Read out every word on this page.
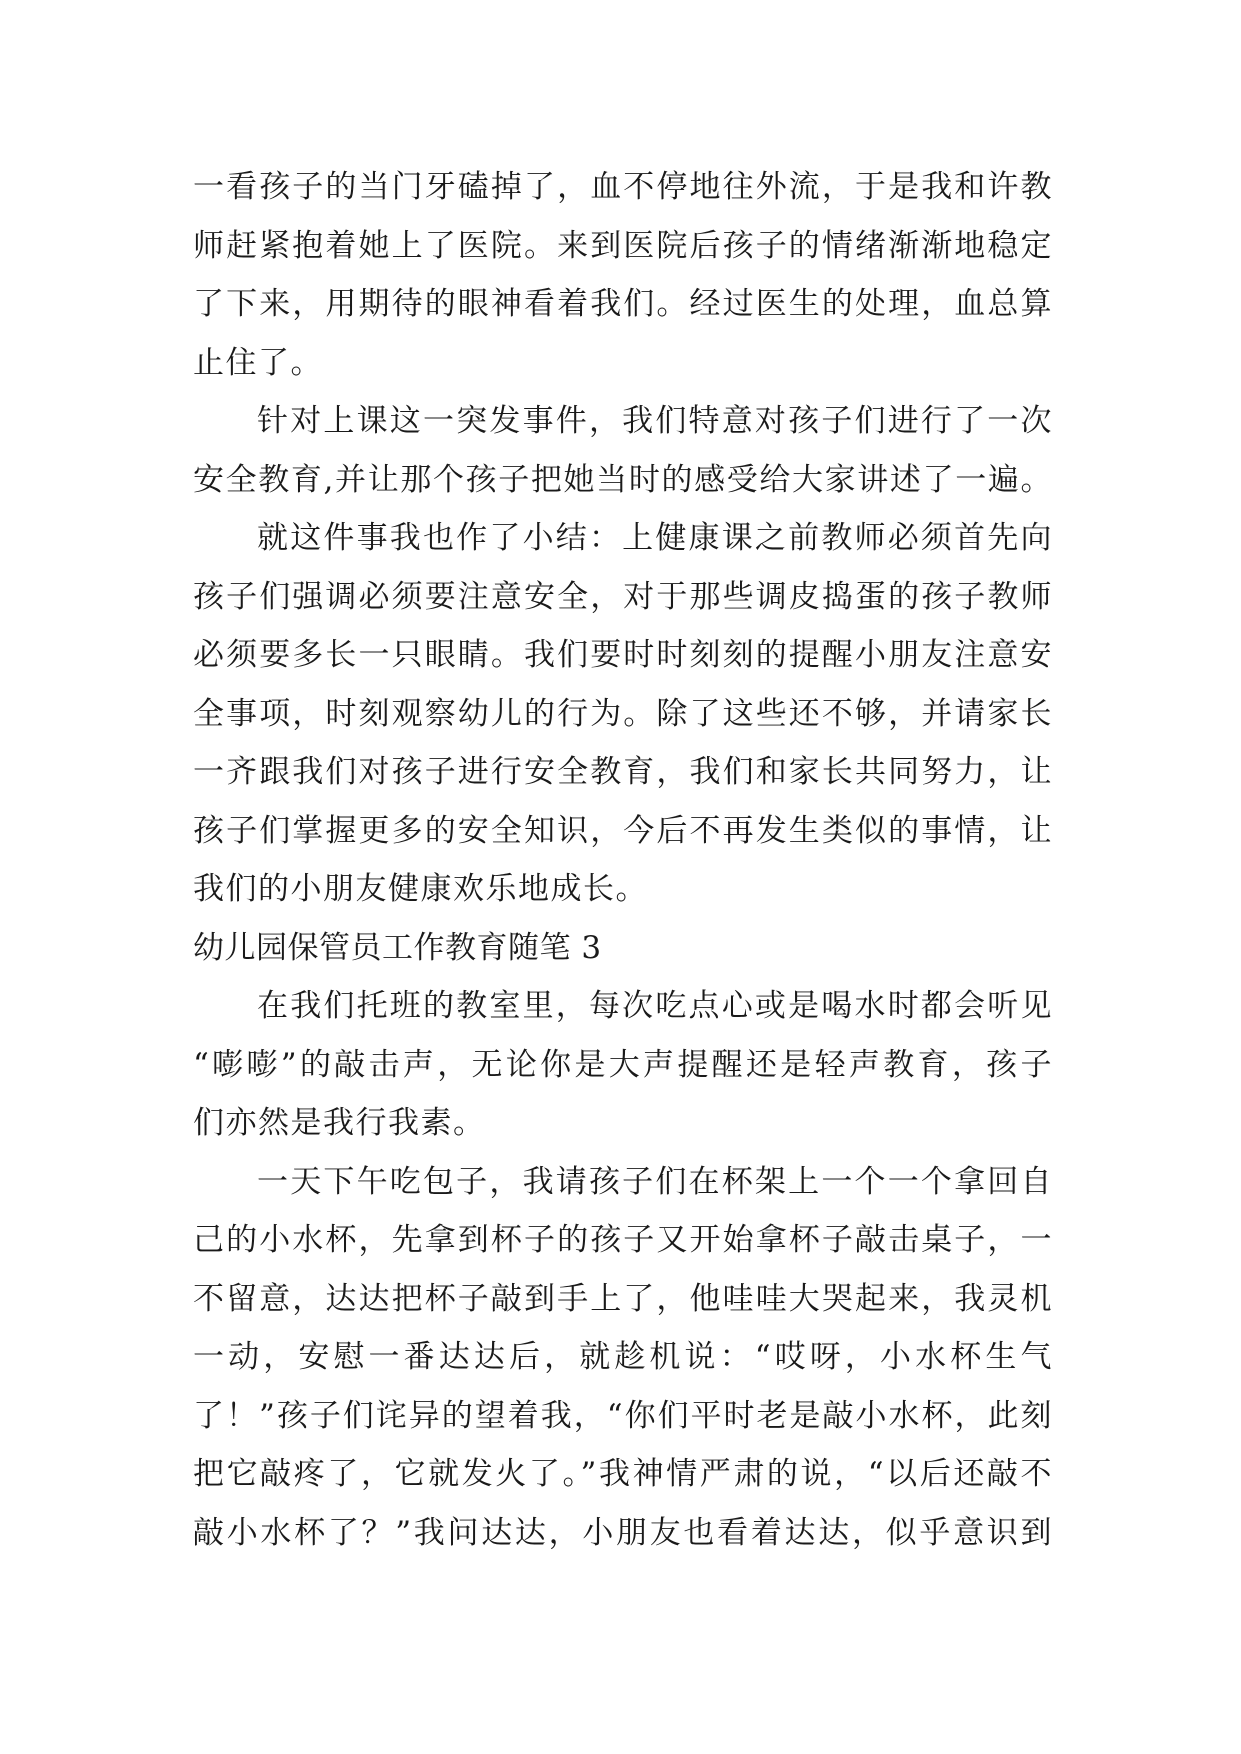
一看孩子的当门牙磕掉了，血不停地往外流，于是我和许教
师赶紧抱着她上了医院。来到医院后孩子的情绪渐渐地稳定
了下来，用期待的眼神看着我们。经过医生的处理，血总算
止住了。
针对上课这一突发事件，我们特意对孩子们进行了一次
安全教育,并让那个孩子把她当时的感受给大家讲述了一遍。
就这件事我也作了小结：上健康课之前教师必须首先向
孩子们强调必须要注意安全，对于那些调皮捣蛋的孩子教师
必须要多长一只眼睛。我们要时时刻刻的提醒小朋友注意安
全事项，时刻观察幼儿的行为。除了这些还不够，并请家长
一齐跟我们对孩子进行安全教育，我们和家长共同努力，让
孩子们掌握更多的安全知识，今后不再发生类似的事情，让
我们的小朋友健康欢乐地成长。
幼儿园保管员工作教育随笔 3
在我们托班的教室里，每次吃点心或是喝水时都会听见
“嘭嘭”的敲击声，无论你是大声提醒还是轻声教育，孩子
们亦然是我行我素。
一天下午吃包子，我请孩子们在杯架上一个一个拿回自
己的小水杯，先拿到杯子的孩子又开始拿杯子敲击桌子，一
不留意，达达把杯子敲到手上了，他哇哇大哭起来，我灵机
一动，安慰一番达达后，就趁机说：“哎呀，小水杯生气
了！”孩子们诧异的望着我，“你们平时老是敲小水杯，此刻
把它敲疼了，它就发火了。”我神情严肃的说，“以后还敲不
敲小水杯了？”我问达达，小朋友也看着达达，似乎意识到
